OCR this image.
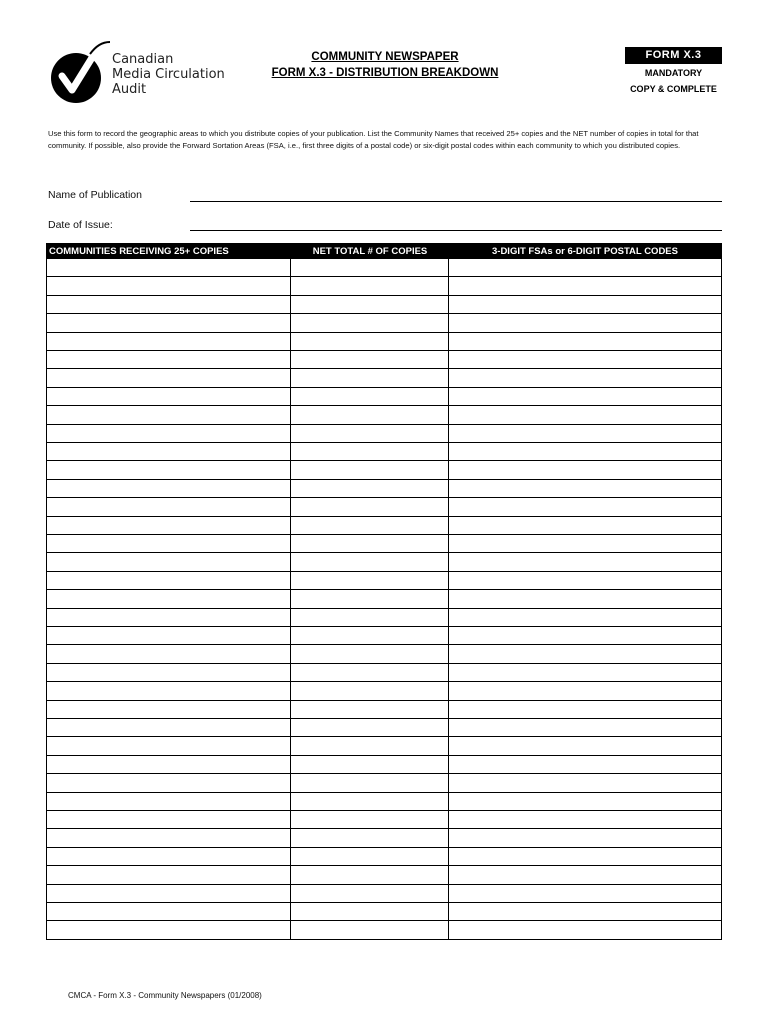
Canadian
Media Circulation
Audit
COMMUNITY NEWSPAPER
FORM X.3 - DISTRIBUTION BREAKDOWN
FORM X.3
MANDATORY
COPY & COMPLETE
Use this form to record the geographic areas to which you distribute copies of your publication. List the Community Names that received 25+ copies and the NET number of copies in total for that community. If possible, also provide the Forward Sortation Areas (FSA, i.e., first three digits of a postal code) or six-digit postal codes within each community to which you distributed copies.
Name of Publication
Date of Issue:
COMMUNITIES RECEIVING 25+ COPIES	NET TOTAL # OF COPIES	3-DIGIT FSAs or 6-DIGIT POSTAL CODES
CMCA - Form X.3 - Community Newspapers (01/2008)
